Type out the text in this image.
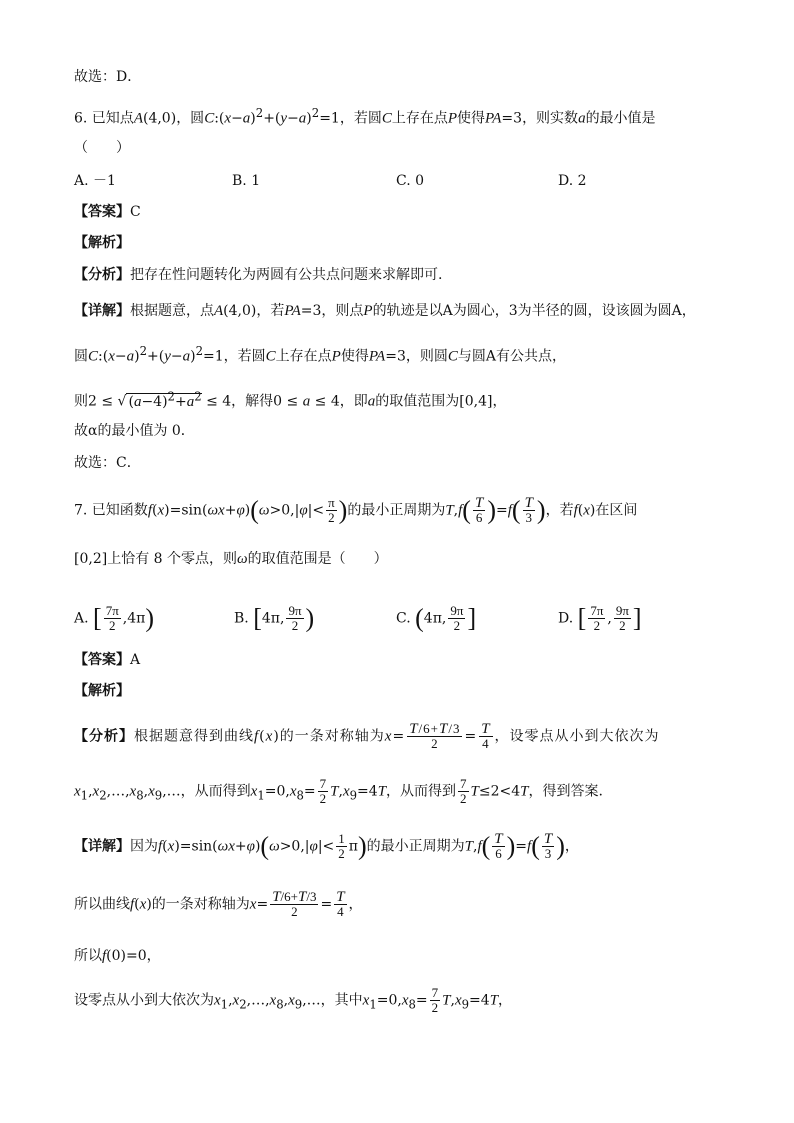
故选：D．
6. 已知点A(4,0)，圆$C:(x-a)^2+(y-a)^2=1$，若圆C上存在点P使得PA=3，则实数a的最小值是
（　　）
A. －1	B. 1	C. 0	D. 2
【答案】C
【解析】
【分析】把存在性问题转化为两圆有公共点问题来求解即可.
【详解】根据题意，点A(4,0)，若PA=3，则点P的轨迹是以A为圆心，3为半径的圆，设该圆为圆A，
圆$C:(x-a)^2+(y-a)^2=1$，若圆C上存在点P使得PA=3，则圆C与圆A有公共点，
则2 ≤ √ $(a-4)^2+a^2 \le 4$，解得0 ≤ a ≤ 4，即a的取值范围为[0,4]，
故α的最小值为 0．
故选：C．
7. 已知函数$f(x)=\sin(\omega x+\varphi)(\omega>0,|\varphi|< \frac{\pi}{2}$ )的最小正周期为$T,f( \frac{T}{6} )=f( \frac{T}{3}$ )，若f(x)在区间
[0,2]上恰有 8 个零点，则ω的取值范围是（　　）
A. [ $\frac{7\pi}{2} ,4\pi$)	B. [4π, $\frac{9\pi}{2}$ )	C. (4π, $\frac{9\pi}{2}$ ]	D. [ $\frac{7\pi}{2}$ , $\frac{9\pi}{2}$ ]
【答案】A
【解析】
【分析】根据题意得到曲线f(x)的一条对称轴为$x= \frac{T/6+T/3}{2} = \frac{T}{4}$ ，设零点从小到大依次为
$x_1,x_2,\dots,x_8,x_9,\dots$，从而得到$x_1=0,x_8= \frac{7}{2} T,x_9=4T$，从而得到 $\frac{7}{2} T\le 2<4T$，得到答案.
【详解】因为$f(x)=\sin(\omega x+\varphi)(\omega>0,|\varphi|< \frac{1}{2} \pi)$的最小正周期为$T,f( \frac{T}{6} )=f( \frac{T}{3}$ )，
所以曲线f(x)的一条对称轴为$x= \frac{T/6+T/3}{2} = \frac{T}{4}$ ，
所以f(0)=0，
设零点从小到大依次为$x_1,x_2,\dots,x_8,x_9,\dots$，其中$x_1=0,x_8= \frac{7}{2} T,x_9=4T$，
